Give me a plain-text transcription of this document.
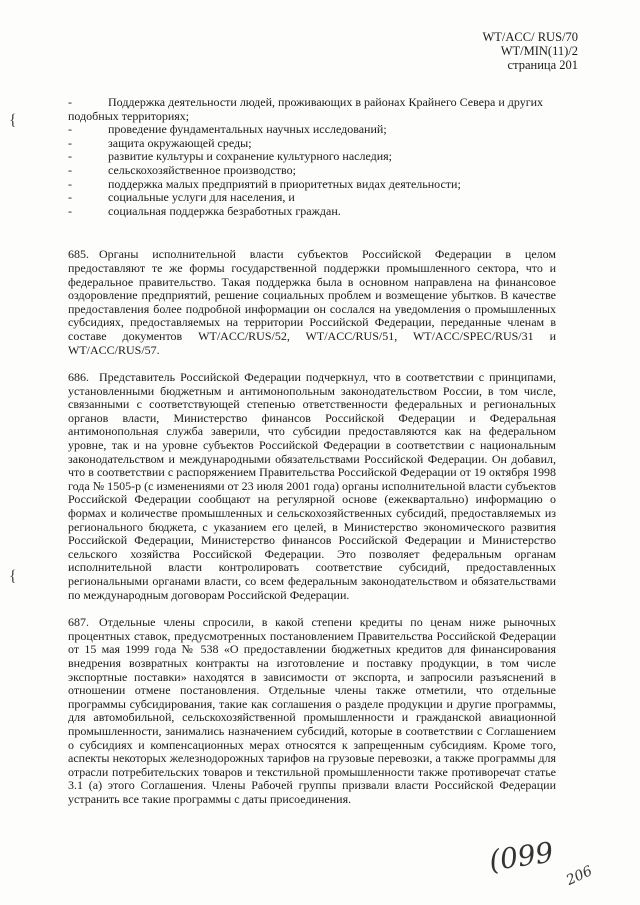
WT/ACC/ RUS/70
WT/MIN(11)/2
страница 201
{
{
-	Поддержка деятельности людей, проживающих в районах Крайнего Севера и других подобных территориях;
-	проведение фундаментальных научных исследований;
-	защита окружающей среды;
-	развитие культуры и сохранение культурного наследия;
-	сельскохозяйственное производство;
-	поддержка малых предприятий в приоритетных видах деятельности;
-	социальные услуги для населения, и
-	социальная поддержка безработных граждан.

685. Органы исполнительной власти субъектов Российской Федерации в целом предоставляют те же формы государственной поддержки промышленного сектора, что и федеральное правительство. Такая поддержка была в основном направлена на финансовое оздоровление предприятий, решение социальных проблем и возмещение убытков. В качестве предоставления более подробной информации он сослался на уведомления о промышленных субсидиях, предоставляемых на территории Российской Федерации, переданные членам в составе документов WT/ACC/RUS/52, WT/ACC/RUS/51, WT/ACC/SPEC/RUS/31 и WT/ACC/RUS/57.

686. Представитель Российской Федерации подчеркнул, что в соответствии с принципами, установленными бюджетным и антимонопольным законодательством России, в том числе, связанными с соответствующей степенью ответственности федеральных и региональных органов власти, Министерство финансов Российской Федерации и Федеральная антимонопольная служба заверили, что субсидии предоставляются как на федеральном уровне, так и на уровне субъектов Российской Федерации в соответствии с национальным законодательством и международными обязательствами Российской Федерации. Он добавил, что в соответствии с распоряжением Правительства Российской Федерации от 19 октября 1998 года № 1505-р (с изменениями от 23 июля 2001 года) органы исполнительной власти субъектов Российской Федерации сообщают на регулярной основе (ежеквартально) информацию о формах и количестве промышленных и сельскохозяйственных субсидий, предоставляемых из регионального бюджета, с указанием его целей, в Министерство экономического развития Российской Федерации, Министерство финансов Российской Федерации и Министерство сельского хозяйства Российской Федерации. Это позволяет федеральным органам исполнительной власти контролировать соответствие субсидий, предоставленных региональными органами власти, со всем федеральным законодательством и обязательствами по международным договорам Российской Федерации.

687. Отдельные члены спросили, в какой степени кредиты по ценам ниже рыночных процентных ставок, предусмотренных постановлением Правительства Российской Федерации от 15 мая 1999 года № 538 «О предоставлении бюджетных кредитов для финансирования внедрения возвратных контракты на изготовление и поставку продукции, в том числе экспортные поставки» находятся в зависимости от экспорта, и запросили разъяснений в отношении отмене постановления. Отдельные члены также отметили, что отдельные программы субсидирования, такие как соглашения о разделе продукции и другие программы, для автомобильной, сельскохозяйственной промышленности и гражданской авиационной промышленности, занимались назначением субсидий, которые в соответствии с Соглашением о субсидиях и компенсационных мерах относятся к запрещенным субсидиям. Кроме того, аспекты некоторых железнодорожных тарифов на грузовые перевозки, а также программы для отрасли потребительских товаров и текстильной промышленности также противоречат статье 3.1 (а) этого Соглашения. Члены Рабочей группы призвали власти Российской Федерации устранить все такие программы с даты присоединения.

(099 206
